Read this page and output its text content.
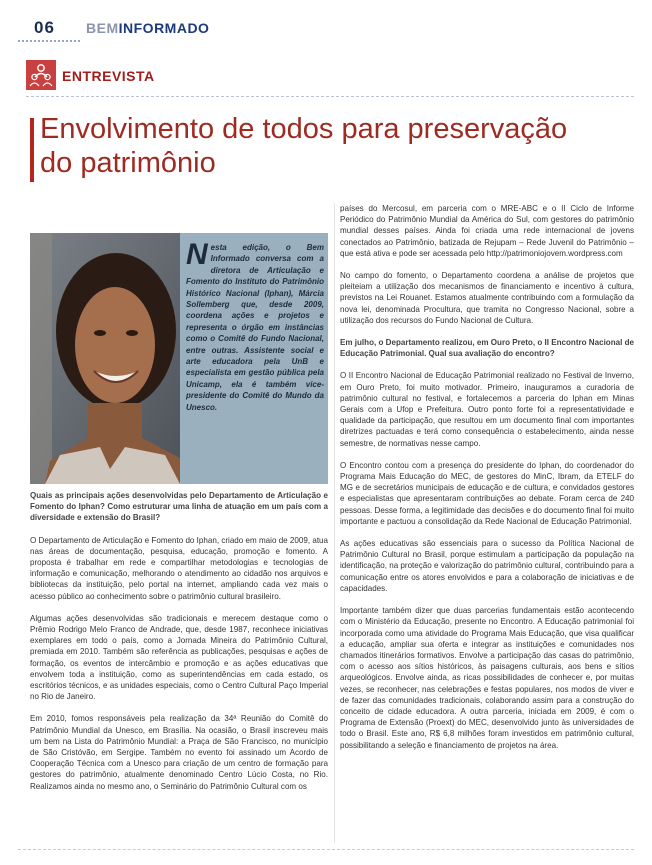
06	BEMINFORMADO
ENTREVISTA
Envolvimento de todos para preservação do patrimônio
Foto: Nélida Cristina
Nesta edição, o Bem Informado conversa com a diretora de Articulação e Fomento do Instituto do Patrimônio Histórico Nacional (Iphan), Márcia Sollemberg que, desde 2009, coordena ações e projetos e representa o órgão em instâncias como o Comitê do Fundo Nacional, entre outras. Assistente social e arte educadora pela UnB e especialista em gestão pública pela Unicamp, ela é também vice-presidente do Comitê do Mundo da Unesco.

Quais as principais ações desenvolvidas pelo Departamento de Articulação e Fomento do Iphan? Como estruturar uma linha de atuação em um país com a diversidade e extensão do Brasil?

O Departamento de Articulação e Fomento do Iphan, criado em maio de 2009, atua nas áreas de documentação, pesquisa, educação, promoção e fomento. A proposta é trabalhar em rede e compartilhar metodologias e tecnologias de informação e comunicação, melhorando o atendimento ao cidadão nos arquivos e bibliotecas da instituição, pelo portal na internet, ampliando cada vez mais o acesso público ao conhecimento sobre o patrimônio cultural brasileiro.

Algumas ações desenvolvidas são tradicionais e merecem destaque como o Prêmio Rodrigo Melo Franco de Andrade, que, desde 1987, reconhece iniciativas exemplares em todo o país, como a Jornada Mineira do Patrimônio Cultural, premiada em 2010. Também são referência as publicações, pesquisas e ações de formação, os eventos de intercâmbio e promoção e as ações educativas que envolvem toda a instituição, como as superintendências em cada estado, os escritórios técnicos, e as unidades especiais, como o Centro Cultural Paço Imperial no Rio de Janeiro.

Em 2010, fomos responsáveis pela realização da 34ª Reunião do Comitê do Patrimônio Mundial da Unesco, em Brasília. Na ocasião, o Brasil inscreveu mais um bem na Lista do Patrimônio Mundial: a Praça de São Francisco, no município de São Cristóvão, em Sergipe. Também no evento foi assinado um Acordo de Cooperação Técnica com a Unesco para criação de um centro de formação para gestores do patrimônio, atualmente denominado Centro Lúcio Costa, no Rio. Realizamos ainda no mesmo ano, o Seminário do Patrimônio Cultural com os

países do Mercosul, em parceria com o MRE-ABC e o II Ciclo de Informe Periódico do Patrimônio Mundial da América do Sul, com gestores do patrimônio mundial desses países. Ainda foi criada uma rede internacional de jovens conectados ao Patrimônio, batizada de Rejupam – Rede Juvenil do Patrimônio – que está ativa e pode ser acessada pelo http://patrimoniojovem.wordpress.com

No campo do fomento, o Departamento coordena a análise de projetos que pleiteiam a utilização dos mecanismos de financiamento e incentivo à cultura, previstos na Lei Rouanet. Estamos atualmente contribuindo com a formulação da nova lei, denominada Procultura, que tramita no Congresso Nacional, sobre a utilização dos recursos do Fundo Nacional de Cultura.

Em julho, o Departamento realizou, em Ouro Preto, o II Encontro Nacional de Educação Patrimonial. Qual sua avaliação do encontro?

O II Encontro Nacional de Educação Patrimonial realizado no Festival de Inverno, em Ouro Preto, foi muito motivador. Primeiro, inauguramos a curadoria de patrimônio cultural no festival, e fortalecemos a parceria do Iphan em Minas Gerais com a Ufop e Prefeitura. Outro ponto forte foi a representatividade e qualidade da participação, que resultou em um documento final com importantes diretrizes pactuadas e terá como consequência o estabelecimento, ainda nesse semestre, de normativas nesse campo.

O Encontro contou com a presença do presidente do Iphan, do coordenador do Programa Mais Educação do MEC, de gestores do MinC, Ibram, da ETELF do MG e de secretários municipais de educação e de cultura, e convidados gestores e especialistas que apresentaram contribuições ao debate. Foram cerca de 240 pessoas. Desse forma, a legitimidade das decisões e do documento final foi muito importante e pactuou a consolidação da Rede Nacional de Educação Patrimonial.

As ações educativas são essenciais para o sucesso da Política Nacional de Patrimônio Cultural no Brasil, porque estimulam a participação da população na identificação, na proteção e valorização do patrimônio cultural, contribuindo para a comunicação entre os atores envolvidos e para a colaboração de iniciativas e de capacidades.

Importante também dizer que duas parcerias fundamentais estão acontecendo com o Ministério da Educação, presente no Encontro. A Educação patrimonial foi incorporada como uma atividade do Programa Mais Educação, que visa qualificar a educação, ampliar sua oferta e integrar as instituições e comunidades nos chamados itinerários formativos. Envolve a participação das casas do patrimônio, com o acesso aos sítios históricos, às paisagens culturais, aos bens e sítios arqueológicos. Envolve ainda, as ricas possibilidades de conhecer e, por muitas vezes, se reconhecer, nas celebrações e festas populares, nos modos de viver e de fazer das comunidades tradicionais, colaborando assim para a construção do conceito de cidade educadora. A outra parceria, iniciada em 2009, é com o Programa de Extensão (Proext) do MEC, desenvolvido junto às universidades de todo o Brasil. Este ano, R$ 6,8 milhões foram investidos em patrimônio cultural, possibilitando a seleção e financiamento de projetos na área.
